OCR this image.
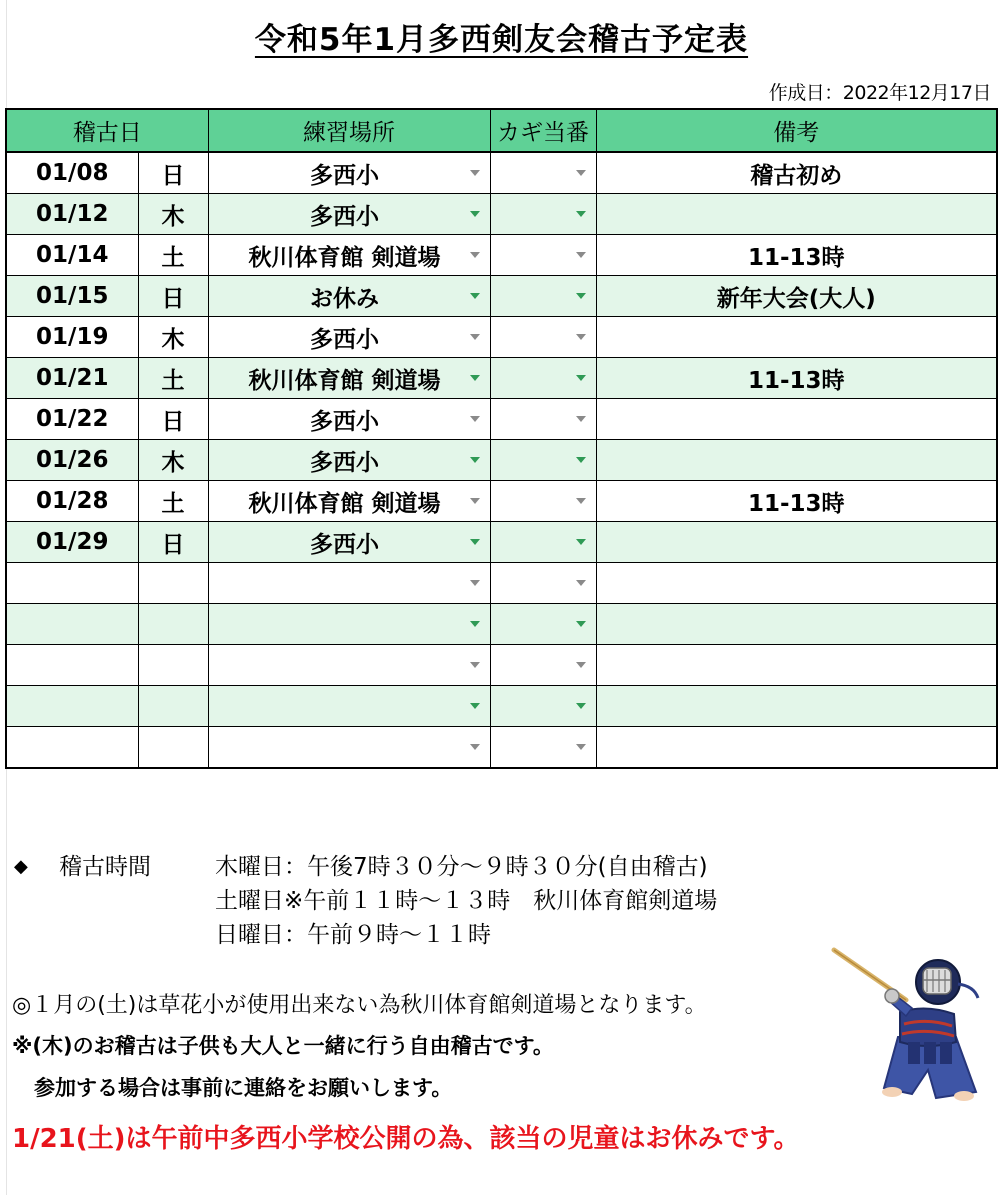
令和5年1月多西剣友会稽古予定表
作成日：2022年12月17日
稽古日		練習場所	カギ当番	備考
01/08	日	多西小		稽古初め
01/12	木	多西小

01/14	土	秋川体育館 剣道場		11-13時
01/15	日	お休み		新年大会(大人)
01/19	木	多西小

01/21	土	秋川体育館 剣道場		11-13時
01/22	日	多西小

01/26	木	多西小

01/28	土	秋川体育館 剣道場		11-13時
01/29	日	多西小

◆ 稽古時間	木曜日：午後7時３０分～９時３０分(自由稽古)
土曜日※午前１１時～１３時　秋川体育館剣道場
日曜日：午前９時～１１時
◎１月の(土)は草花小が使用出来ない為秋川体育館剣道場となります。
※(木)のお稽古は子供も大人と一緒に行う自由稽古です。
参加する場合は事前に連絡をお願いします。
1/21(土)は午前中多西小学校公開の為、該当の児童はお休みです。
